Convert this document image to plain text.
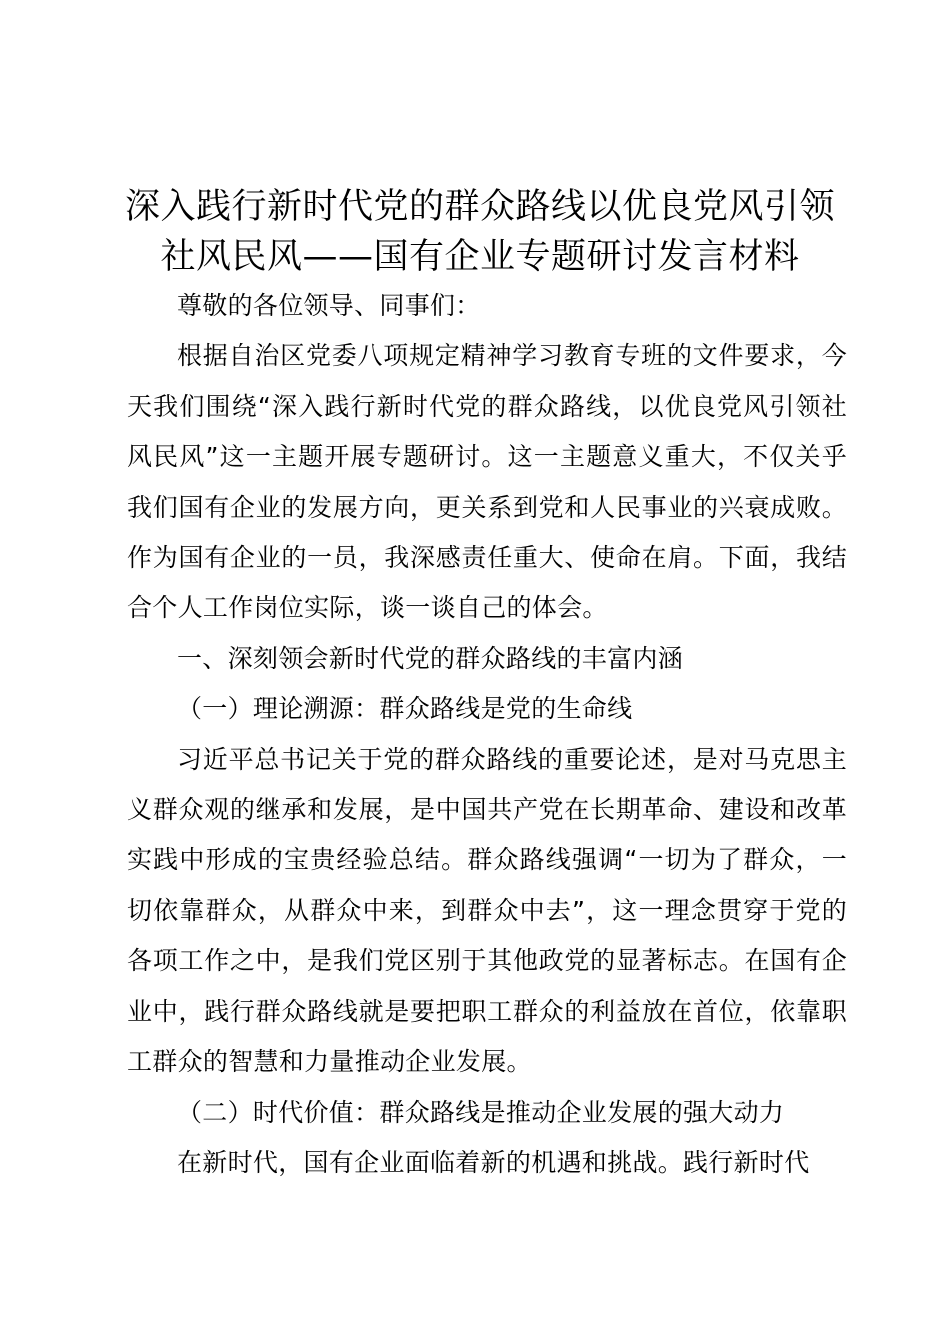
深入践行新时代党的群众路线以优良党风引领
社风民风——国有企业专题研讨发言材料

尊敬的各位领导、同事们：

根据自治区党委八项规定精神学习教育专班的文件要求，今天我们围绕“深入践行新时代党的群众路线，以优良党风引领社风民风”这一主题开展专题研讨。这一主题意义重大，不仅关乎我们国有企业的发展方向，更关系到党和人民事业的兴衰成败。作为国有企业的一员，我深感责任重大、使命在肩。下面，我结合个人工作岗位实际，谈一谈自己的体会。

一、深刻领会新时代党的群众路线的丰富内涵

（一）理论溯源：群众路线是党的生命线

习近平总书记关于党的群众路线的重要论述，是对马克思主义群众观的继承和发展，是中国共产党在长期革命、建设和改革实践中形成的宝贵经验总结。群众路线强调“一切为了群众，一切依靠群众，从群众中来，到群众中去”，这一理念贯穿于党的各项工作之中，是我们党区别于其他政党的显著标志。在国有企业中，践行群众路线就是要把职工群众的利益放在首位，依靠职工群众的智慧和力量推动企业发展。

（二）时代价值：群众路线是推动企业发展的强大动力

在新时代，国有企业面临着新的机遇和挑战。践行新时代
